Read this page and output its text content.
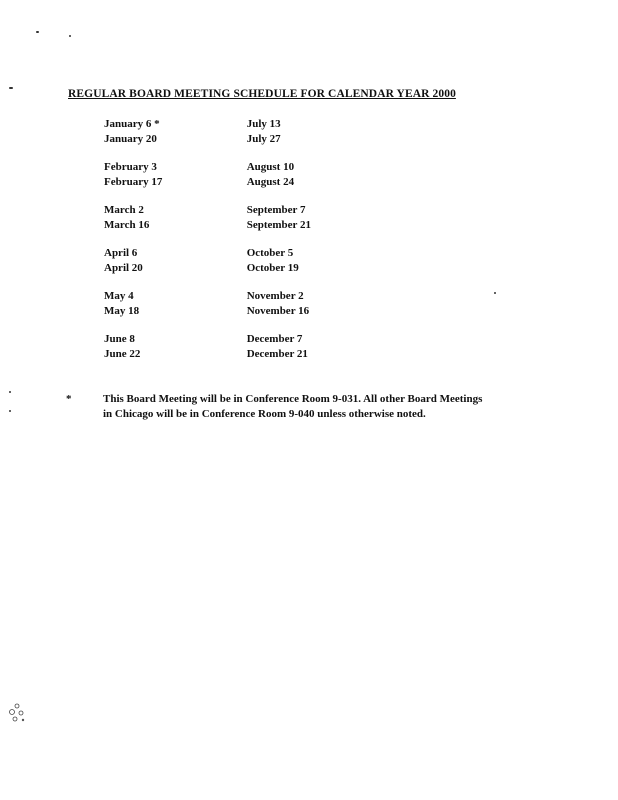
REGULAR BOARD MEETING SCHEDULE FOR CALENDAR YEAR 2000
January 6 *
January 20
July 13
July 27
February 3
February 17
August 10
August 24
March 2
March 16
September 7
September 21
April 6
April 20
October 5
October 19
May 4
May 18
November 2
November 16
June 8
June 22
December 7
December 21
*	This Board Meeting will be in Conference Room 9-031. All other Board Meetings in Chicago will be in Conference Room 9-040 unless otherwise noted.
